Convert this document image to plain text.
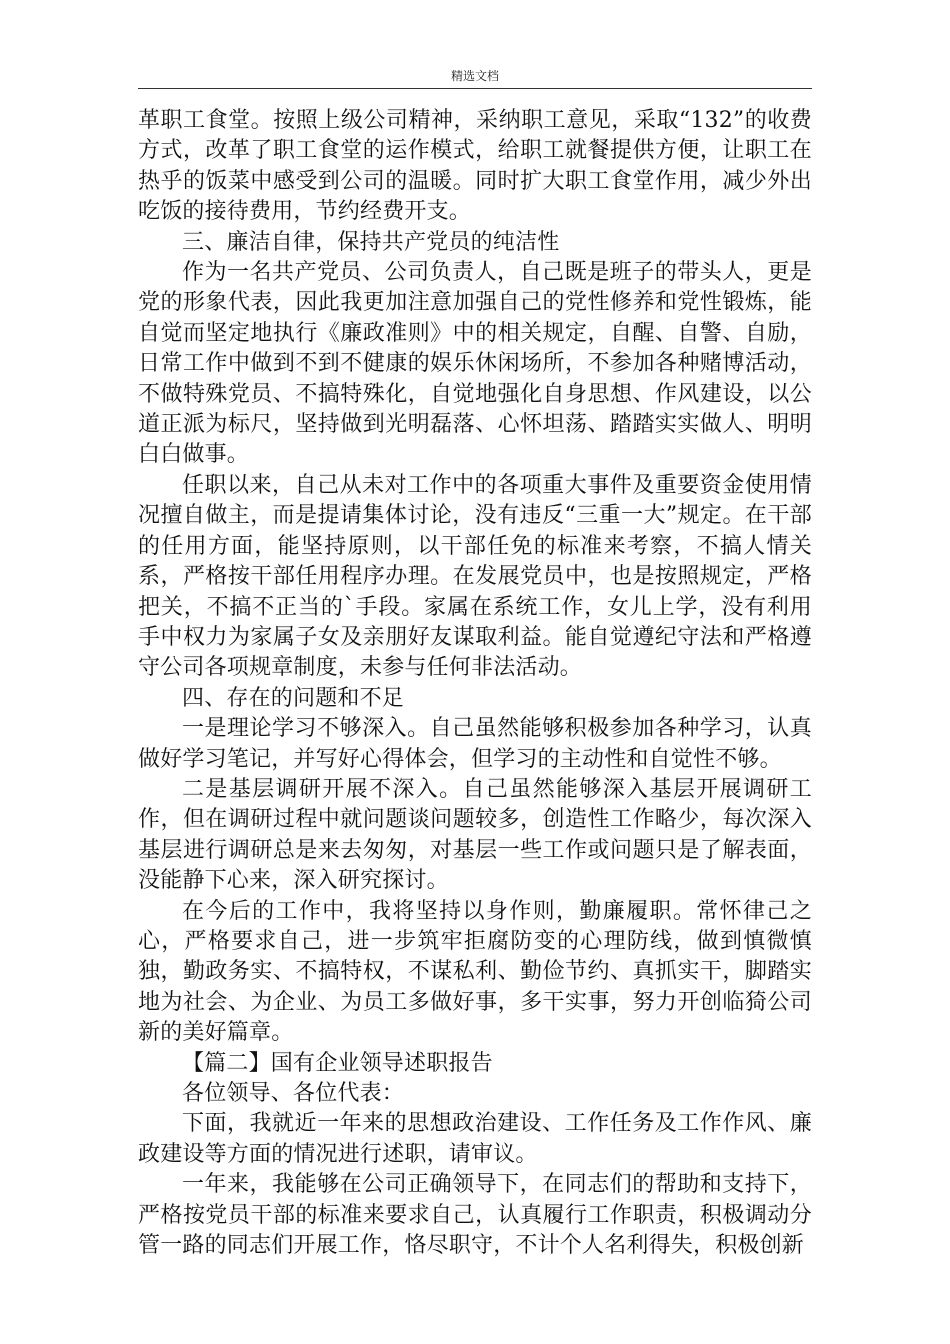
精选文档

革职工食堂。按照上级公司精神，采纳职工意见，采取“132”的收费方式，改革了职工食堂的运作模式，给职工就餐提供方便，让职工在热乎的饭菜中感受到公司的温暖。同时扩大职工食堂作用，减少外出吃饭的接待费用，节约经费开支。

三、廉洁自律，保持共产党员的纯洁性

作为一名共产党员、公司负责人，自己既是班子的带头人，更是党的形象代表，因此我更加注意加强自己的党性修养和党性锻炼，能自觉而坚定地执行《廉政准则》中的相关规定，自醒、自警、自励，日常工作中做到不到不健康的娱乐休闲场所，不参加各种赌博活动，不做特殊党员、不搞特殊化，自觉地强化自身思想、作风建设，以公道正派为标尺，坚持做到光明磊落、心怀坦荡、踏踏实实做人、明明白白做事。

任职以来，自己从未对工作中的各项重大事件及重要资金使用情况擅自做主，而是提请集体讨论，没有违反“三重一大”规定。在干部的任用方面，能坚持原则，以干部任免的标准来考察，不搞人情关系，严格按干部任用程序办理。在发展党员中，也是按照规定，严格把关，不搞不正当的`手段。家属在系统工作，女儿上学，没有利用手中权力为家属子女及亲朋好友谋取利益。能自觉遵纪守法和严格遵守公司各项规章制度，未参与任何非法活动。

四、存在的问题和不足

一是理论学习不够深入。自己虽然能够积极参加各种学习，认真做好学习笔记，并写好心得体会，但学习的主动性和自觉性不够。

二是基层调研开展不深入。自己虽然能够深入基层开展调研工作，但在调研过程中就问题谈问题较多，创造性工作略少，每次深入基层进行调研总是来去匆匆，对基层一些工作或问题只是了解表面，没能静下心来，深入研究探讨。

在今后的工作中，我将坚持以身作则，勤廉履职。常怀律己之心，严格要求自己，进一步筑牢拒腐防变的心理防线，做到慎微慎独，勤政务实、不搞特权，不谋私利、勤俭节约、真抓实干，脚踏实地为社会、为企业、为员工多做好事，多干实事，努力开创临猗公司新的美好篇章。

【篇二】国有企业领导述职报告

各位领导、各位代表：

下面，我就近一年来的思想政治建设、工作任务及工作作风、廉政建设等方面的情况进行述职，请审议。

一年来，我能够在公司正确领导下，在同志们的帮助和支持下，严格按党员干部的标准来要求自己，认真履行工作职责，积极调动分管一路的同志们开展工作，恪尽职守，不计个人名利得失，积极创新
